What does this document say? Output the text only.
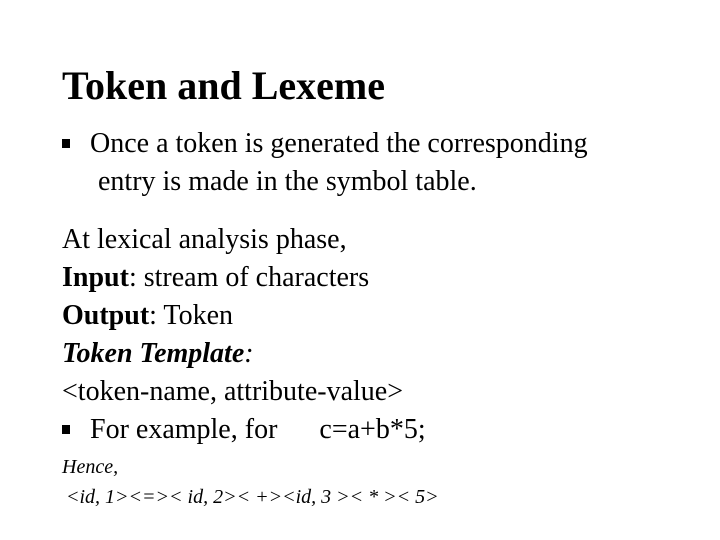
Token and Lexeme
Once a token is generated the corresponding
entry is made in the symbol table.
At lexical analysis phase,
Input: stream of characters
Output: Token
Token Template:
<token-name, attribute-value>
For example, for c=a+b*5;
Hence,
<id, 1><=>< id, 2>< +><id, 3 >< * >< 5>
